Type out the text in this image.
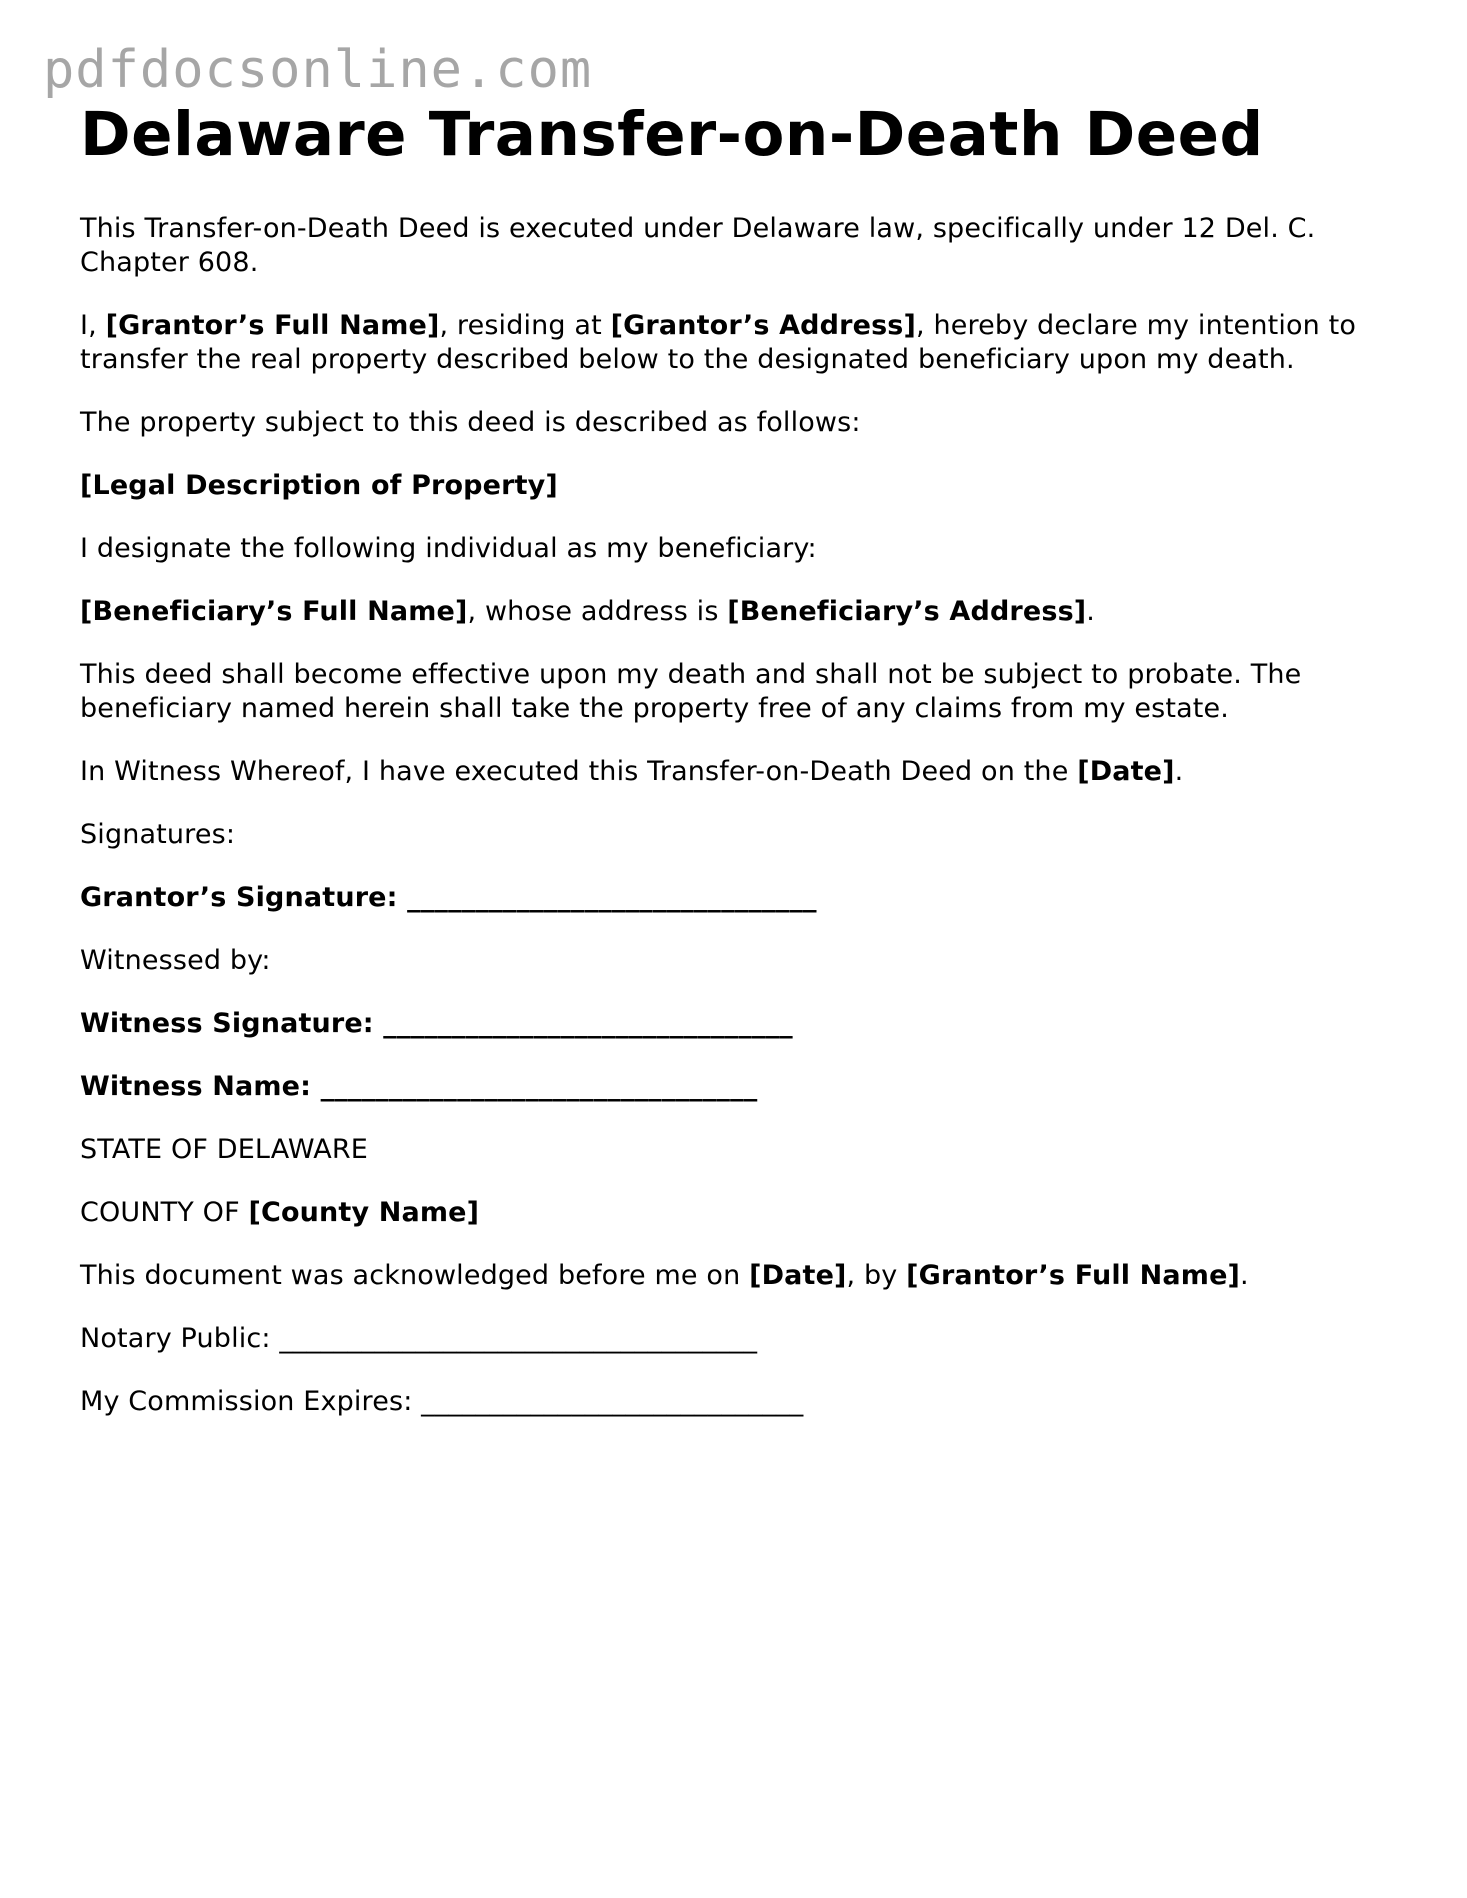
pdfdocsonline.com
Delaware Transfer-on-Death Deed

This Transfer-on-Death Deed is executed under Delaware law, specifically under 12 Del. C. Chapter 608.

I, [Grantor’s Full Name], residing at [Grantor’s Address], hereby declare my intention to transfer the real property described below to the designated beneficiary upon my death.

The property subject to this deed is described as follows:

[Legal Description of Property]

I designate the following individual as my beneficiary:

[Beneficiary’s Full Name], whose address is [Beneficiary’s Address].

This deed shall become effective upon my death and shall not be subject to probate. The beneficiary named herein shall take the property free of any claims from my estate.

In Witness Whereof, I have executed this Transfer-on-Death Deed on the [Date].

Signatures:

Grantor’s Signature: ______________________________

Witnessed by:

Witness Signature: ______________________________

Witness Name: ________________________________

STATE OF DELAWARE

COUNTY OF [County Name]

This document was acknowledged before me on [Date], by [Grantor’s Full Name].

Notary Public: ___________________________________

My Commission Expires: ____________________________
